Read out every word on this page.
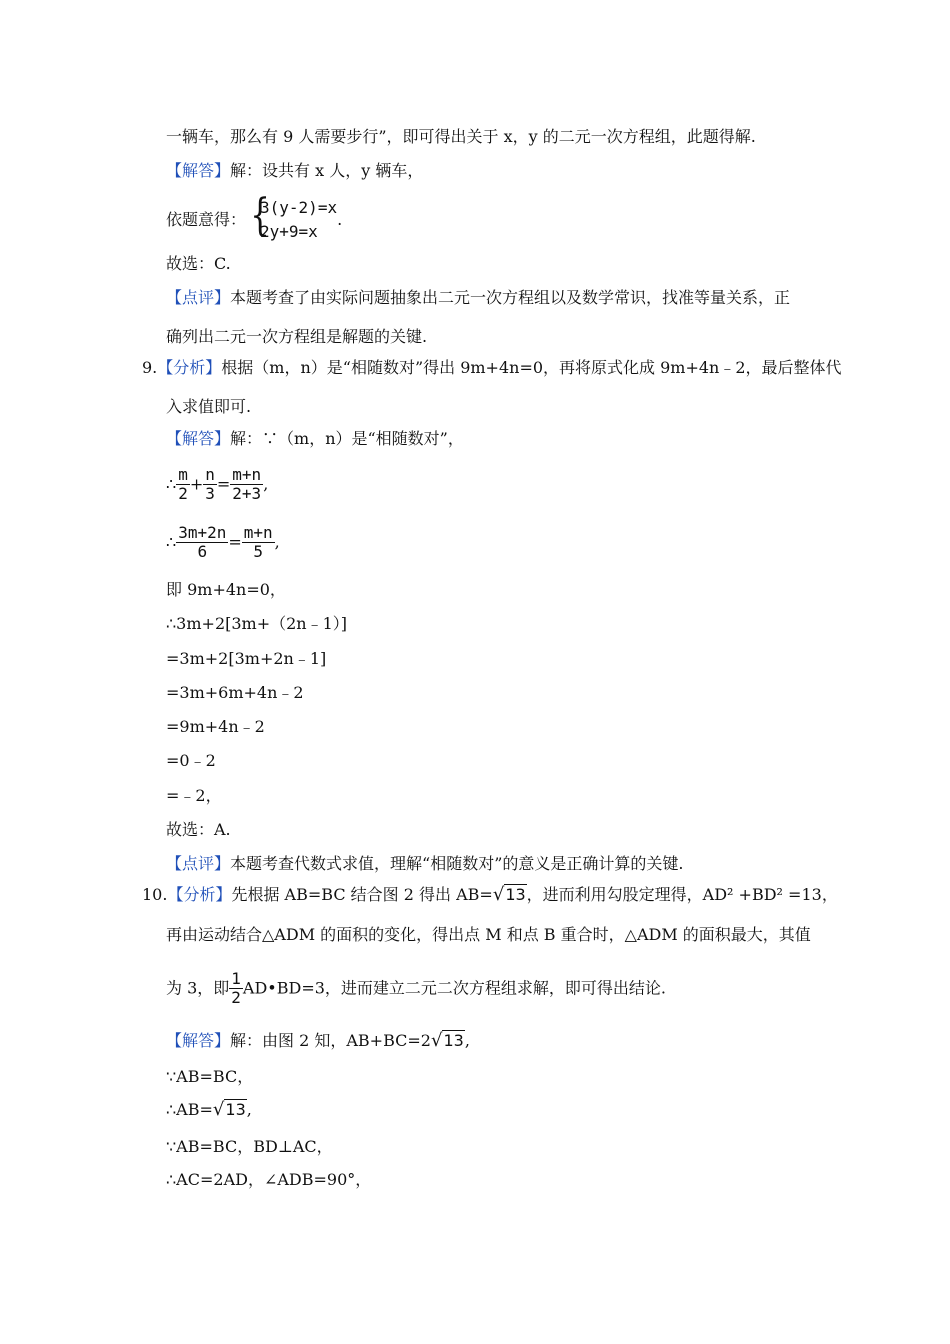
一辆车，那么有 9 人需要步行”，即可得出关于 x，y 的二元一次方程组，此题得解.
【解答】解：设共有 x 人，y 辆车，
依题意得： {
3(y-2)=x
2y+9=x
.
故选：C.
【点评】本题考查了由实际问题抽象出二元一次方程组以及数学常识，找准等量关系，正
确列出二元一次方程组是解题的关键.
9.【分析】根据（m，n）是“相随数对”得出 9m+4n=0，再将原式化成 9m+4n﹣2，最后整体代
入求值即可.
【解答】解：∵（m，n）是“相随数对”，
∴ $\frac{m}{2} + \frac{n}{3} = \frac{m+n}{2+3}$ ,
∴ $\frac{3m+2n}{6} = \frac{m+n}{5}$ ,
即 9m+4n=0，
∴3m+2[3m+（2n﹣1）]
=3m+2[3m+2n﹣1]
=3m+6m+4n﹣2
=9m+4n﹣2
=0﹣2
=﹣2，
故选：A.
【点评】本题考查代数式求值，理解“相随数对”的意义是正确计算的关键.
10.【分析】先根据 AB=BC 结合图 2 得出 AB=√13，进而利用勾股定理得，AD² +BD² =13，
再由运动结合△ADM 的面积的变化，得出点 M 和点 B 重合时，△ADM 的面积最大，其值
为 3，即 $\frac{1}{2}$ AD•BD=3，进而建立二元二次方程组求解，即可得出结论.
【解答】解：由图 2 知，AB+BC=2√13,
∵AB=BC，
∴AB=√13,
∵AB=BC，BD⊥AC，
∴AC=2AD，∠ADB=90°，
